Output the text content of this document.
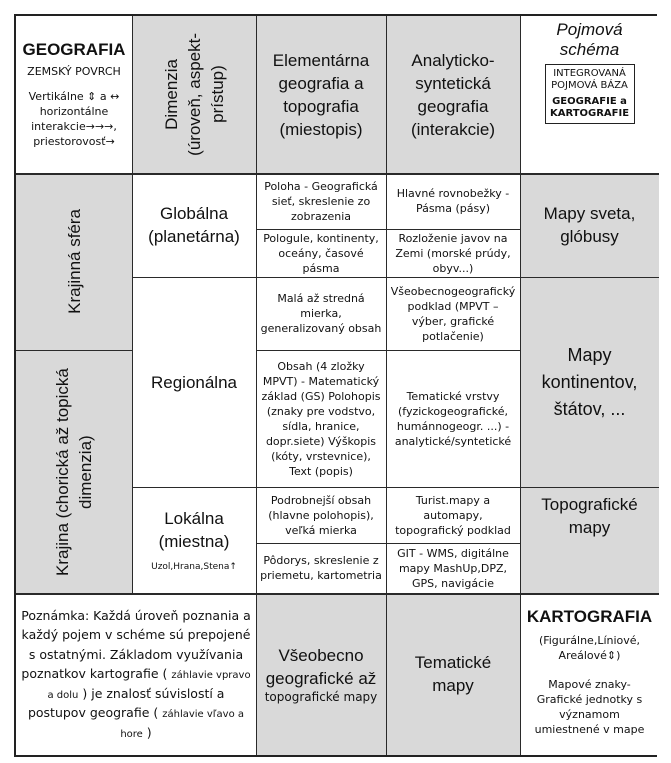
GEOGRAFIA
ZEMSKÝ POVRCH
Vertikálne ⇕ a ↔ horizontálne interakcie→→→, priestorovosť→
Dimenzia (úroveň, aspekt- prístup)
Elementárna geografia a topografia (miestopis)
Analyticko-syntetická geografia (interakcie)
Pojmová schéma
INTEGROVANÁ POJMOVÁ BÁZA
GEOGRAFIE a KARTOGRAFIE
Krajinná sféra
Krajina (chorická až topická dimenzia)
Globálna (planetárna)
Regionálna
Lokálna (miestna)
Uzol,Hrana,Stena↑
Poloha - Geografická sieť, skreslenie zo zobrazenia
Hlavné rovnobežky - Pásma (pásy)
Pologule, kontinenty, oceány, časové pásma
Rozloženie javov na Zemi (morské prúdy, obyv...)
Malá až stredná mierka, generalizovaný obsah
Všeobecnogeografický podklad (MPVT – výber, grafické potlačenie)
Obsah (4 zložky MPVT) - Matematický základ (GS) Polohopis (znaky pre vodstvo, sídla, hranice, dopr.siete) Výškopis (kóty, vrstevnice), Text (popis)
Tematické vrstvy (fyzickogeografické, humánnogeogr. ...) - analytické/syntetické
Podrobnejší obsah (hlavne polohopis), veľká mierka
Turist.mapy a automapy, topografický podklad
Pôdorys, skreslenie z priemetu, kartometria
GIT - WMS, digitálne mapy MashUp,DPZ, GPS, navigácie
Mapy sveta, glóbusy
Mapy kontinentov, štátov, ...
Topografické mapy
Poznámka: Každá úroveň poznania a každý pojem v schéme sú prepojené s ostatnými. Základom využívania poznatkov kartografie ( záhlavie vpravo a dolu ) je znalosť súvislostí a postupov geografie ( záhlavie vľavo a hore )
Všeobecno geografické až
topografické mapy
Tematické mapy
KARTOGRAFIA
(Figurálne,Líniové, Areálové⇕)
Mapové znaky-Grafické jednotky s významom umiestnené v mape
